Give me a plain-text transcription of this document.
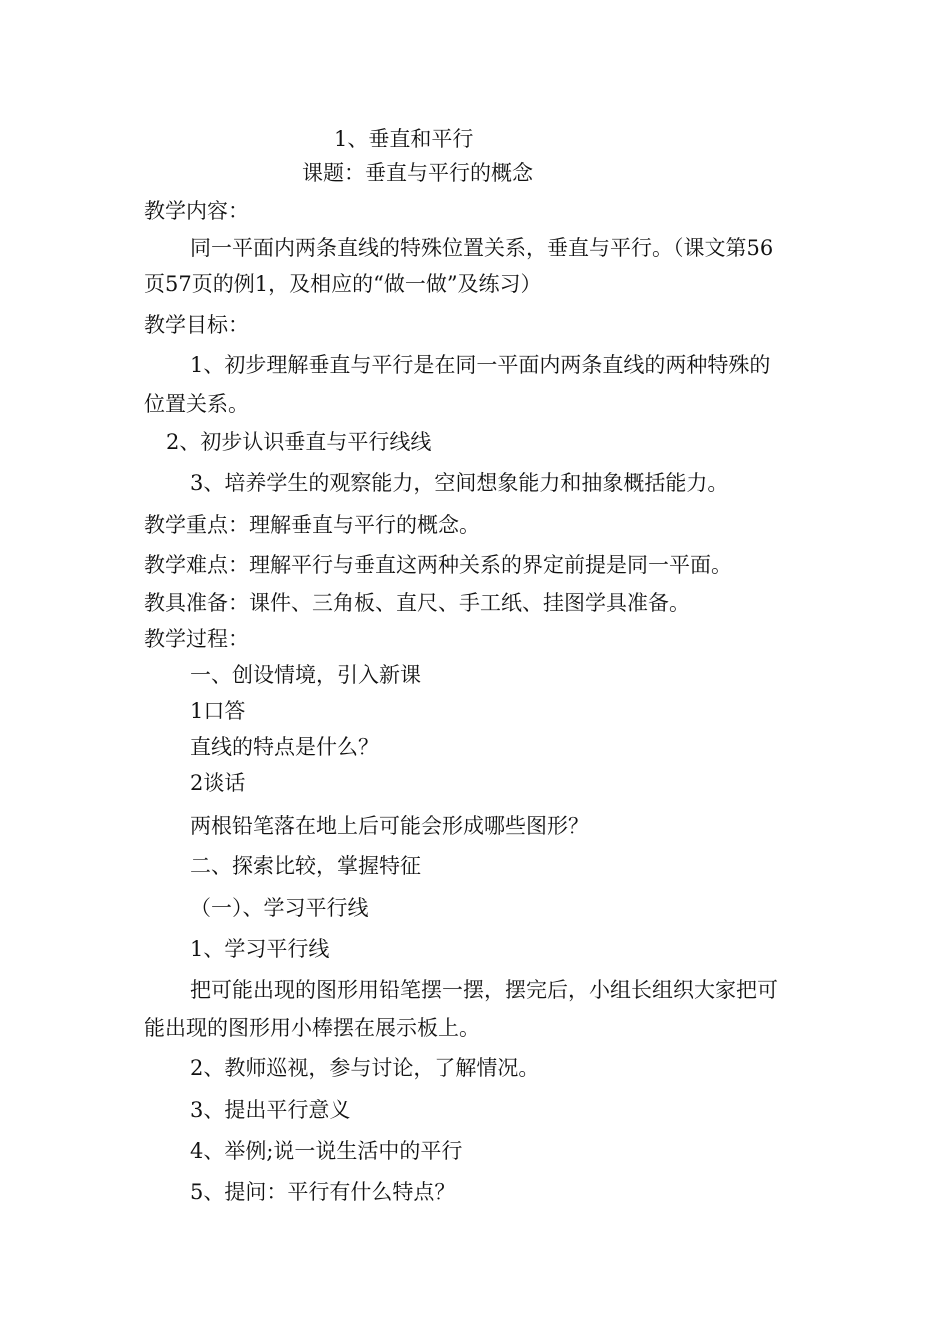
1、垂直和平行
课题：垂直与平行的概念
教学内容：
同一平面内两条直线的特殊位置关系，垂直与平行。（课文第56
页57页的例1，及相应的“做一做”及练习）
教学目标：
1、初步理解垂直与平行是在同一平面内两条直线的两种特殊的
位置关系。
2、初步认识垂直与平行线线
3、培养学生的观察能力，空间想象能力和抽象概括能力。
教学重点：理解垂直与平行的概念。
教学难点：理解平行与垂直这两种关系的界定前提是同一平面。
教具准备：课件、三角板、直尺、手工纸、挂图学具准备。
教学过程：
一、创设情境，引入新课
1口答
直线的特点是什么？
2谈话
两根铅笔落在地上后可能会形成哪些图形？
二、探索比较，掌握特征
（一）、学习平行线
1、学习平行线
把可能出现的图形用铅笔摆一摆，摆完后，小组长组织大家把可
能出现的图形用小棒摆在展示板上。
2、教师巡视，参与讨论，了解情况。
3、提出平行意义
4、举例;说一说生活中的平行
5、提问：平行有什么特点？
